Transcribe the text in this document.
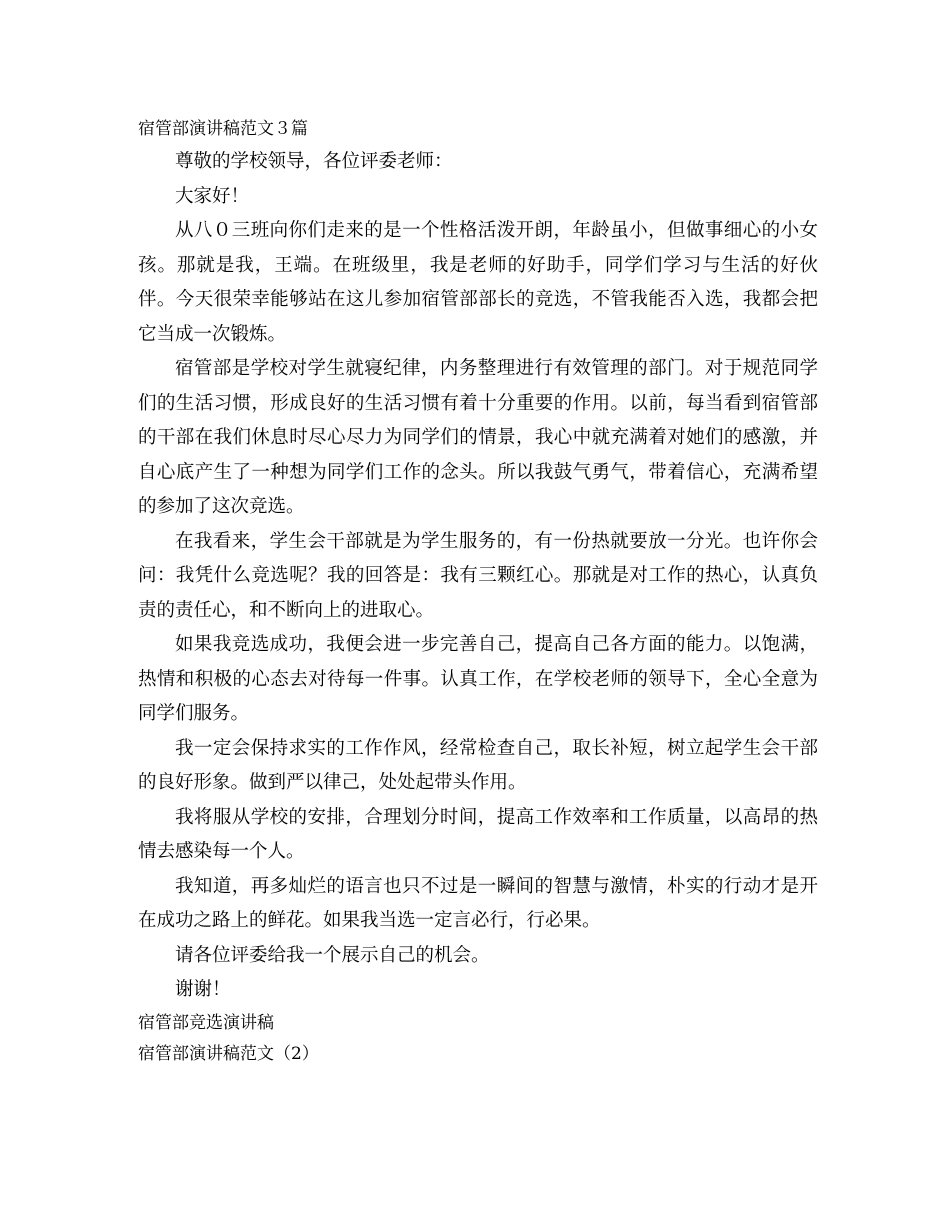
宿管部演讲稿范文３篇

尊敬的学校领导，各位评委老师：

大家好！

从八０三班向你们走来的是一个性格活泼开朗，年龄虽小，但做事细心的小女孩。那就是我，王端。在班级里，我是老师的好助手，同学们学习与生活的好伙伴。今天很荣幸能够站在这儿参加宿管部部长的竞选，不管我能否入选，我都会把它当成一次锻炼。

宿管部是学校对学生就寝纪律，内务整理进行有效管理的部门。对于规范同学们的生活习惯，形成良好的生活习惯有着十分重要的作用。以前，每当看到宿管部的干部在我们休息时尽心尽力为同学们的情景，我心中就充满着对她们的感激，并自心底产生了一种想为同学们工作的念头。所以我鼓气勇气，带着信心，充满希望的参加了这次竞选。

在我看来，学生会干部就是为学生服务的，有一份热就要放一分光。也许你会问：我凭什么竞选呢？我的回答是：我有三颗红心。那就是对工作的热心，认真负责的责任心，和不断向上的进取心。

如果我竞选成功，我便会进一步完善自己，提高自己各方面的能力。以饱满，热情和积极的心态去对待每一件事。认真工作，在学校老师的领导下，全心全意为同学们服务。

我一定会保持求实的工作作风，经常检查自己，取长补短，树立起学生会干部的良好形象。做到严以律己，处处起带头作用。

我将服从学校的安排，合理划分时间，提高工作效率和工作质量，以高昂的热情去感染每一个人。

我知道，再多灿烂的语言也只不过是一瞬间的智慧与激情，朴实的行动才是开在成功之路上的鲜花。如果我当选一定言必行，行必果。

请各位评委给我一个展示自己的机会。

谢谢！

宿管部竞选演讲稿

宿管部演讲稿范文（2）
